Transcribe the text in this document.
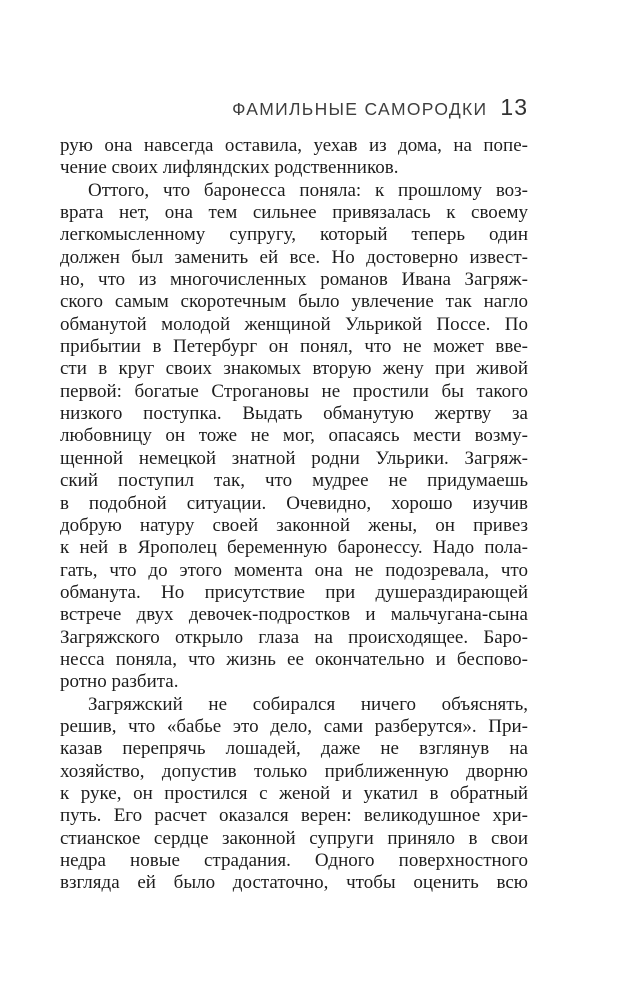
ФАМИЛЬНЫЕ САМОРОДКИ 13
рую она навсегда оставила, уехав из дома, на попе-
чение своих лифляндских родственников.
Оттого, что баронесса поняла: к прошлому воз-
врата нет, она тем сильнее привязалась к своему
легкомысленному супругу, который теперь один
должен был заменить ей все. Но достоверно извест-
но, что из многочисленных романов Ивана Загряж-
ского самым скоротечным было увлечение так нагло
обманутой молодой женщиной Ульрикой Поссе. По
прибытии в Петербург он понял, что не может вве-
сти в круг своих знакомых вторую жену при живой
первой: богатые Строгановы не простили бы такого
низкого поступка. Выдать обманутую жертву за
любовницу он тоже не мог, опасаясь мести возму-
щенной немецкой знатной родни Ульрики. Загряж-
ский поступил так, что мудрее не придумаешь
в подобной ситуации. Очевидно, хорошо изучив
добрую натуру своей законной жены, он привез
к ней в Ярополец беременную баронессу. Надо пола-
гать, что до этого момента она не подозревала, что
обманута. Но присутствие при душераздирающей
встрече двух девочек-подростков и мальчугана-сына
Загряжского открыло глаза на происходящее. Баро-
несса поняла, что жизнь ее окончательно и беспово-
ротно разбита.
Загряжский не собирался ничего объяснять,
решив, что «бабье это дело, сами разберутся». При-
казав перепрячь лошадей, даже не взглянув на
хозяйство, допустив только приближенную дворню
к руке, он простился с женой и укатил в обратный
путь. Его расчет оказался верен: великодушное хри-
стианское сердце законной супруги приняло в свои
недра новые страдания. Одного поверхностного
взгляда ей было достаточно, чтобы оценить всю
